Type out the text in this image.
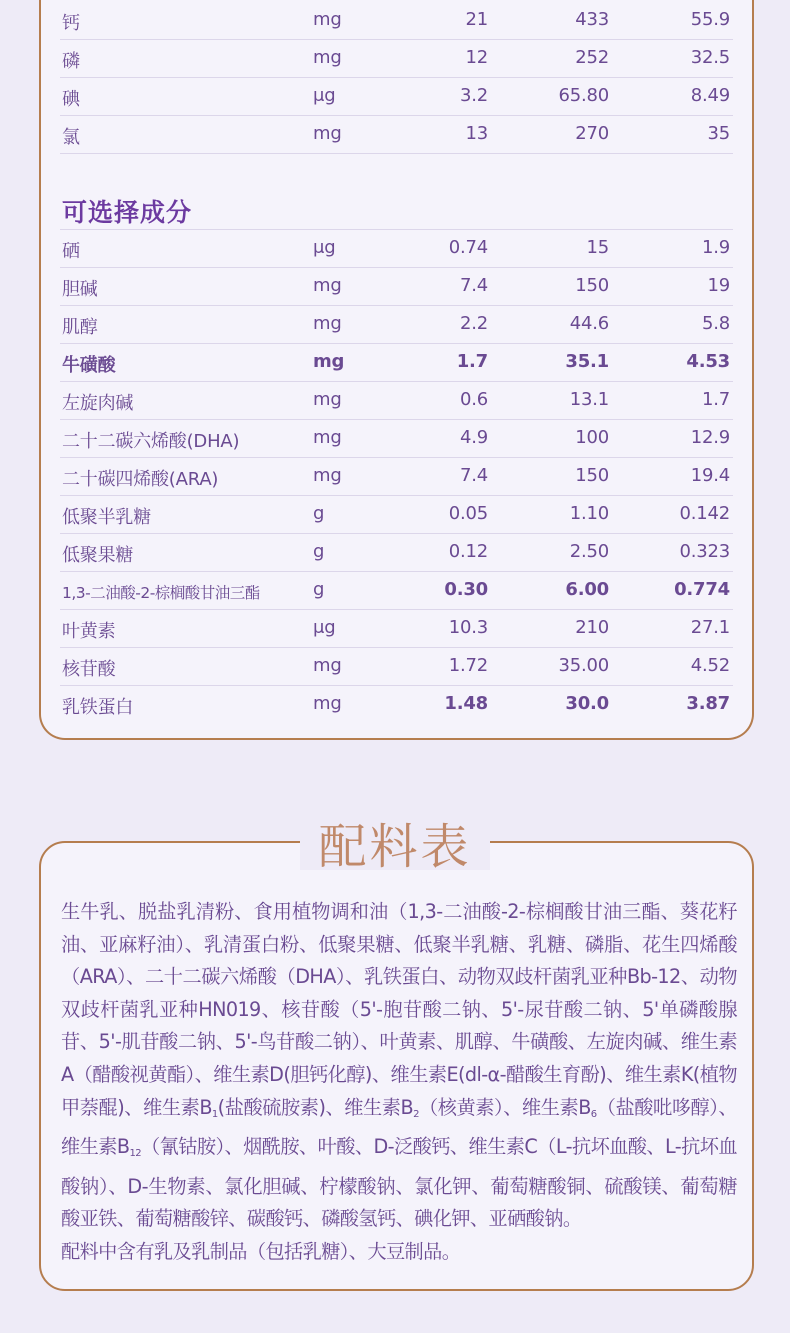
钙	mg	21	433	55.9
磷	mg	12	252	32.5
碘	μg	3.2	65.80	8.49
氯	mg	13	270	35
可选择成分
硒	μg	0.74	15	1.9
胆碱	mg	7.4	150	19
肌醇	mg	2.2	44.6	5.8
牛磺酸	mg	1.7	35.1	4.53
左旋肉碱	mg	0.6	13.1	1.7
二十二碳六烯酸(DHA)	mg	4.9	100	12.9
二十碳四烯酸(ARA)	mg	7.4	150	19.4
低聚半乳糖	g	0.05	1.10	0.142
低聚果糖	g	0.12	2.50	0.323
1,3-二油酸-2-棕榈酸甘油三酯	g	0.30	6.00	0.774
叶黄素	μg	10.3	210	27.1
核苷酸	mg	1.72	35.00	4.52
乳铁蛋白	mg	1.48	30.0	3.87

生牛乳、脱盐乳清粉、食用植物调和油（1,3-二油酸-2-棕榈酸甘油三酯、葵花籽油、亚麻籽油）、乳清蛋白粉、低聚果糖、低聚半乳糖、乳糖、磷脂、花生四烯酸（ARA）、二十二碳六烯酸（DHA）、乳铁蛋白、动物双歧杆菌乳亚种Bb-12、动物双歧杆菌乳亚种HN019、核苷酸（5'-胞苷酸二钠、5'-尿苷酸二钠、5'单磷酸腺苷、5'-肌苷酸二钠、5'-鸟苷酸二钠）、叶黄素、肌醇、牛磺酸、左旋肉碱、维生素A（醋酸视黄酯）、维生素D(胆钙化醇)、维生素E(dl-α-醋酸生育酚)、维生素K(植物甲萘醌)、维生素$B_1$(盐酸硫胺素)、维生素$B_2$（核黄素）、维生素$B_6$（盐酸吡哆醇）、维生素$B_{12}$（氰钴胺）、烟酰胺、叶酸、D-泛酸钙、维生素C（L-抗坏血酸、L-抗坏血酸钠）、D-生物素、氯化胆碱、柠檬酸钠、氯化钾、葡萄糖酸铜、硫酸镁、葡萄糖酸亚铁、葡萄糖酸锌、碳酸钙、磷酸氢钙、碘化钾、亚硒酸钠。

配料中含有乳及乳制品（包括乳糖）、大豆制品。

配料表
